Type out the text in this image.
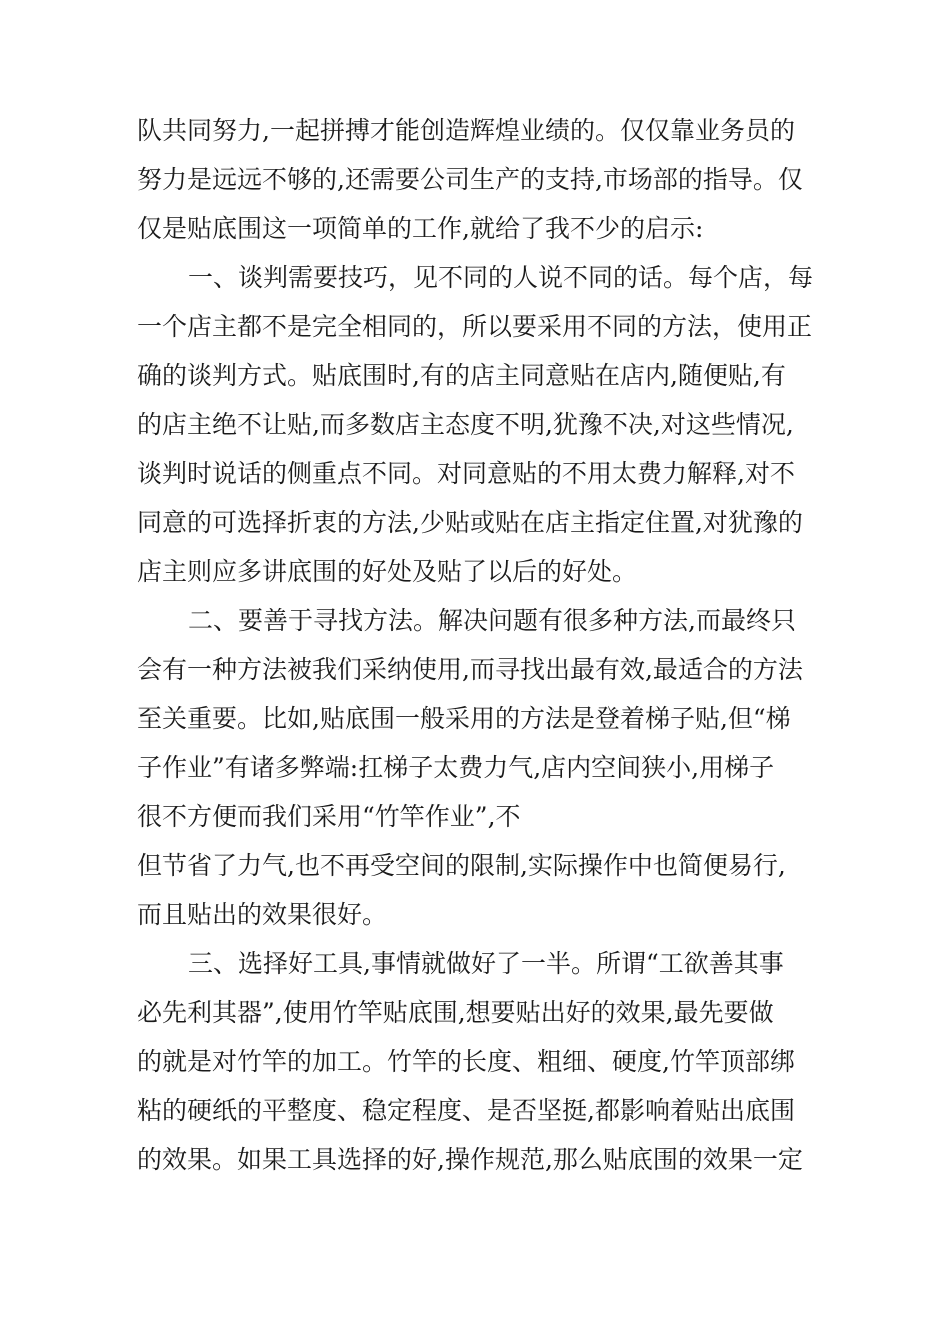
队共同努力,一起拼搏才能创造辉煌业绩的。仅仅靠业务员的
努力是远远不够的,还需要公司生产的支持,市场部的指导。仅
仅是贴底围这一项简单的工作,就给了我不少的启示:
一、谈判需要技巧，见不同的人说不同的话。每个店，每
一个店主都不是完全相同的，所以要采用不同的方法，使用正
确的谈判方式。贴底围时,有的店主同意贴在店内,随便贴,有
的店主绝不让贴,而多数店主态度不明,犹豫不决,对这些情况,
谈判时说话的侧重点不同。对同意贴的不用太费力解释,对不
同意的可选择折衷的方法,少贴或贴在店主指定住置,对犹豫的
店主则应多讲底围的好处及贴了以后的好处。
二、要善于寻找方法。解决问题有很多种方法,而最终只
会有一种方法被我们采纳使用,而寻找出最有效,最适合的方法
至关重要。比如,贴底围一般采用的方法是登着梯子贴,但“梯
子作业”有诸多弊端:扛梯子太费力气,店内空间狭小,用梯子
很不方便而我们采用“竹竿作业”,不
但节省了力气,也不再受空间的限制,实际操作中也简便易行,
而且贴出的效果很好。
三、选择好工具,事情就做好了一半。所谓“工欲善其事
必先利其器”,使用竹竿贴底围,想要贴出好的效果,最先要做
的就是对竹竿的加工。竹竿的长度、粗细、硬度,竹竿顶部绑
粘的硬纸的平整度、稳定程度、是否坚挺,都影响着贴出底围
的效果。如果工具选择的好,操作规范,那么贴底围的效果一定
